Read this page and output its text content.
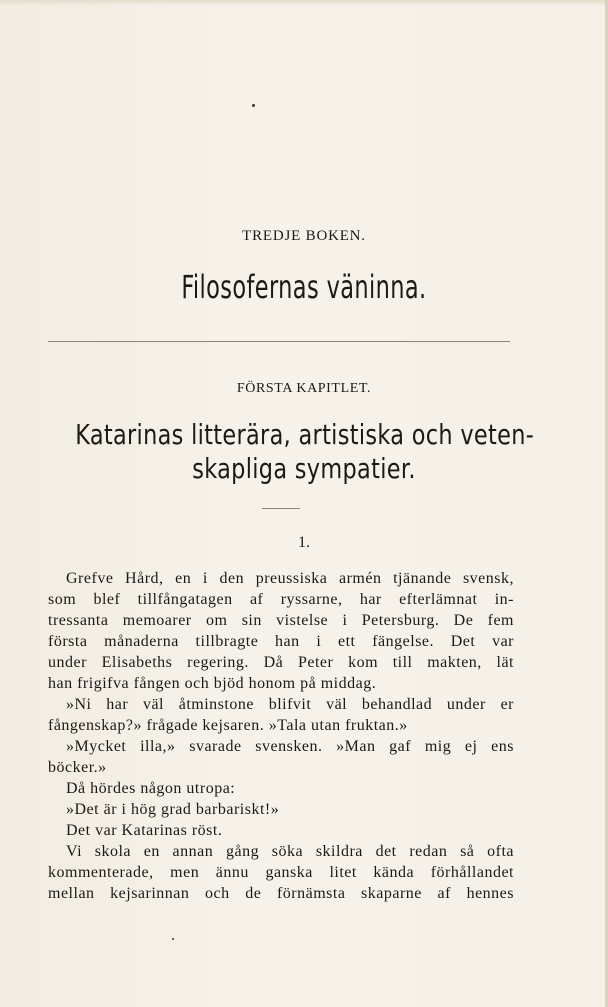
TREDJE BOKEN.
Filosofernas väninna.
FÖRSTA KAPITLET.
Katarinas litterära, artistiska och veten-
skapliga sympatier.
1.
Grefve Hård, en i den preussiska armén tjänande svensk,
som blef tillfångatagen af ryssarne, har efterlämnat in-
tressanta memoarer om sin vistelse i Petersburg. De fem
första månaderna tillbragte han i ett fängelse. Det var
under Elisabeths regering. Då Peter kom till makten, lät
han frigifva fången och bjöd honom på middag.
»Ni har väl åtminstone blifvit väl behandlad under er
fångenskap?» frågade kejsaren. »Tala utan fruktan.»
»Mycket illa,» svarade svensken. »Man gaf mig ej ens
böcker.»
Då hördes någon utropa:
»Det är i hög grad barbariskt!»
Det var Katarinas röst.
Vi skola en annan gång söka skildra det redan så ofta
kommenterade, men ännu ganska litet kända förhållandet
mellan kejsarinnan och de förnämsta skaparne af hennes
